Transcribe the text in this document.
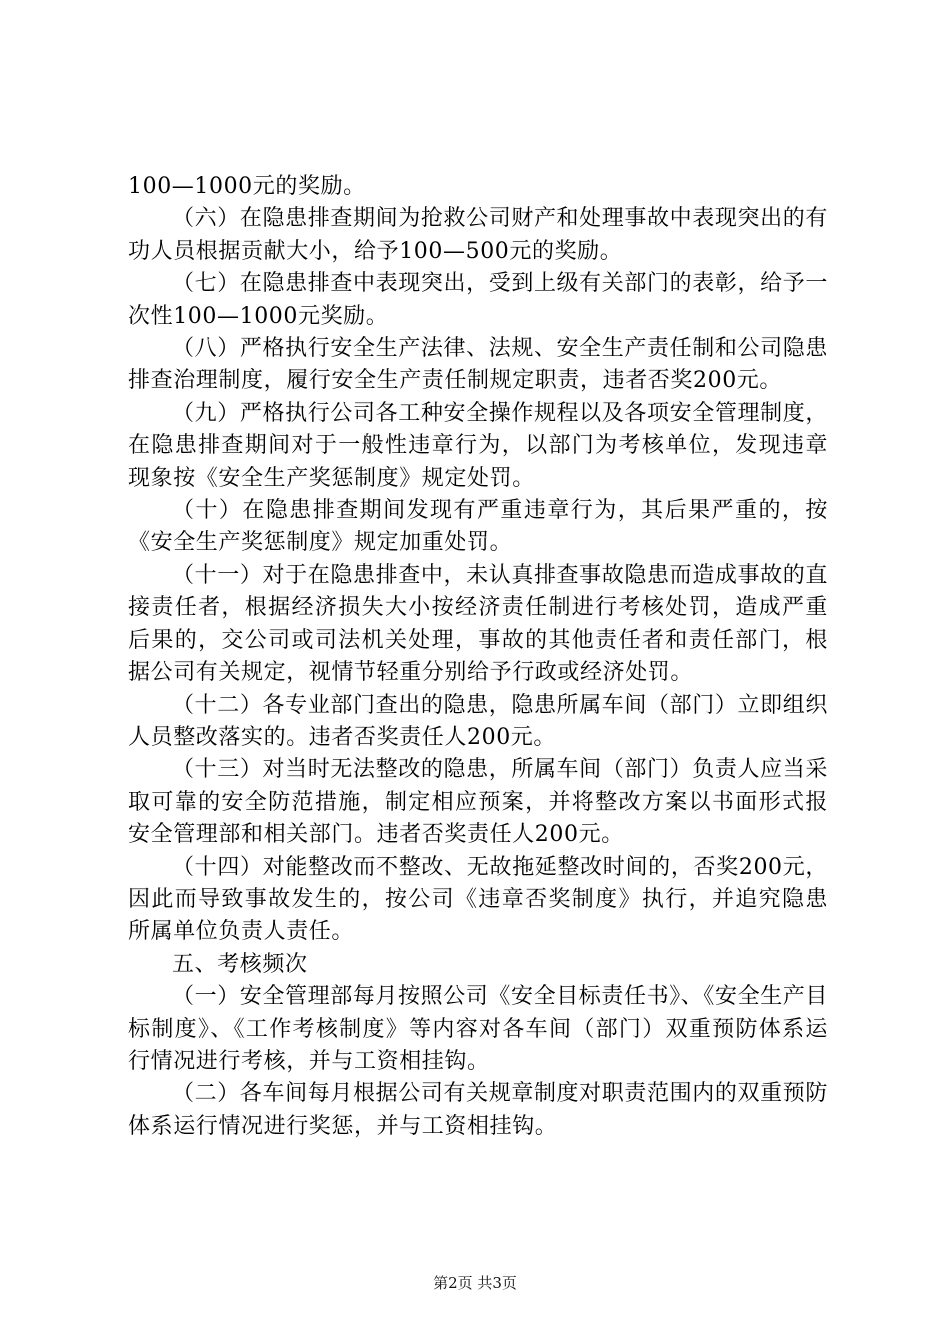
100—1000元的奖励。

（六）在隐患排查期间为抢救公司财产和处理事故中表现突出的有功人员根据贡献大小，给予100—500元的奖励。

（七）在隐患排查中表现突出，受到上级有关部门的表彰，给予一次性100—1000元奖励。

（八）严格执行安全生产法律、法规、安全生产责任制和公司隐患排查治理制度，履行安全生产责任制规定职责，违者否奖200元。

（九）严格执行公司各工种安全操作规程以及各项安全管理制度，在隐患排查期间对于一般性违章行为，以部门为考核单位，发现违章现象按《安全生产奖惩制度》规定处罚。

（十）在隐患排查期间发现有严重违章行为，其后果严重的，按《安全生产奖惩制度》规定加重处罚。

（十一）对于在隐患排查中，未认真排查事故隐患而造成事故的直接责任者，根据经济损失大小按经济责任制进行考核处罚，造成严重后果的，交公司或司法机关处理，事故的其他责任者和责任部门，根据公司有关规定，视情节轻重分别给予行政或经济处罚。

（十二）各专业部门查出的隐患，隐患所属车间（部门）立即组织人员整改落实的。违者否奖责任人200元。

（十三）对当时无法整改的隐患，所属车间（部门）负责人应当采取可靠的安全防范措施，制定相应预案，并将整改方案以书面形式报安全管理部和相关部门。违者否奖责任人200元。

（十四）对能整改而不整改、无故拖延整改时间的，否奖200元，因此而导致事故发生的，按公司《违章否奖制度》执行，并追究隐患所属单位负责人责任。

五、考核频次

（一）安全管理部每月按照公司《安全目标责任书》、《安全生产目标制度》、《工作考核制度》等内容对各车间（部门）双重预防体系运行情况进行考核，并与工资相挂钩。

（二）各车间每月根据公司有关规章制度对职责范围内的双重预防体系运行情况进行奖惩，并与工资相挂钩。

第2页 共3页
